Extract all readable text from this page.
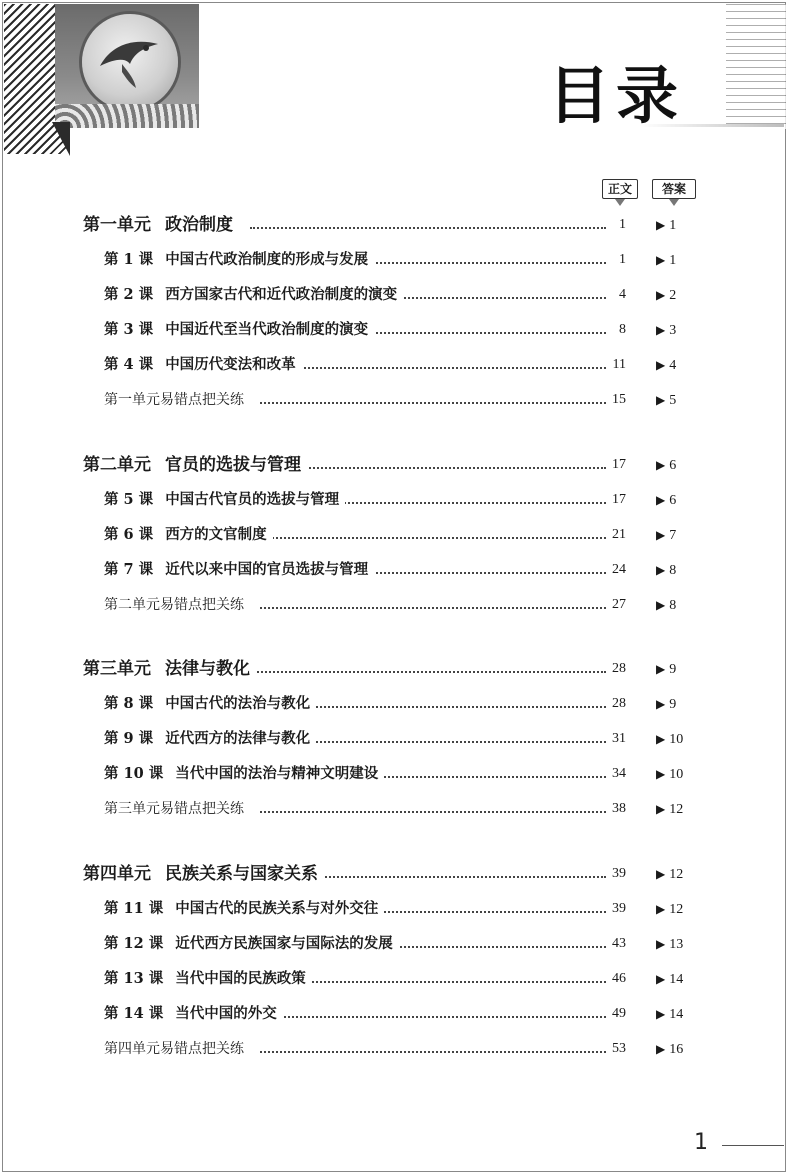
目录
正文	答案
第一单元 政治制度	1	▶ 1
第 1 课 中国古代政治制度的形成与发展	1	▶ 1
第 2 课 西方国家古代和近代政治制度的演变	4	▶ 2
第 3 课 中国近代至当代政治制度的演变	8	▶ 3
第 4 课 中国历代变法和改革	11	▶ 4
第一单元易错点把关练	15	▶ 5
第二单元 官员的选拔与管理	17	▶ 6
第 5 课 中国古代官员的选拔与管理	17	▶ 6
第 6 课 西方的文官制度	21	▶ 7
第 7 课 近代以来中国的官员选拔与管理	24	▶ 8
第二单元易错点把关练	27	▶ 8
第三单元 法律与教化	28	▶ 9
第 8 课 中国古代的法治与教化	28	▶ 9
第 9 课 近代西方的法律与教化	31	▶ 10
第 10 课 当代中国的法治与精神文明建设	34	▶ 10
第三单元易错点把关练	38	▶ 12
第四单元 民族关系与国家关系	39	▶ 12
第 11 课 中国古代的民族关系与对外交往	39	▶ 12
第 12 课 近代西方民族国家与国际法的发展	43	▶ 13
第 13 课 当代中国的民族政策	46	▶ 14
第 14 课 当代中国的外交	49	▶ 14
第四单元易错点把关练	53	▶ 16
1
